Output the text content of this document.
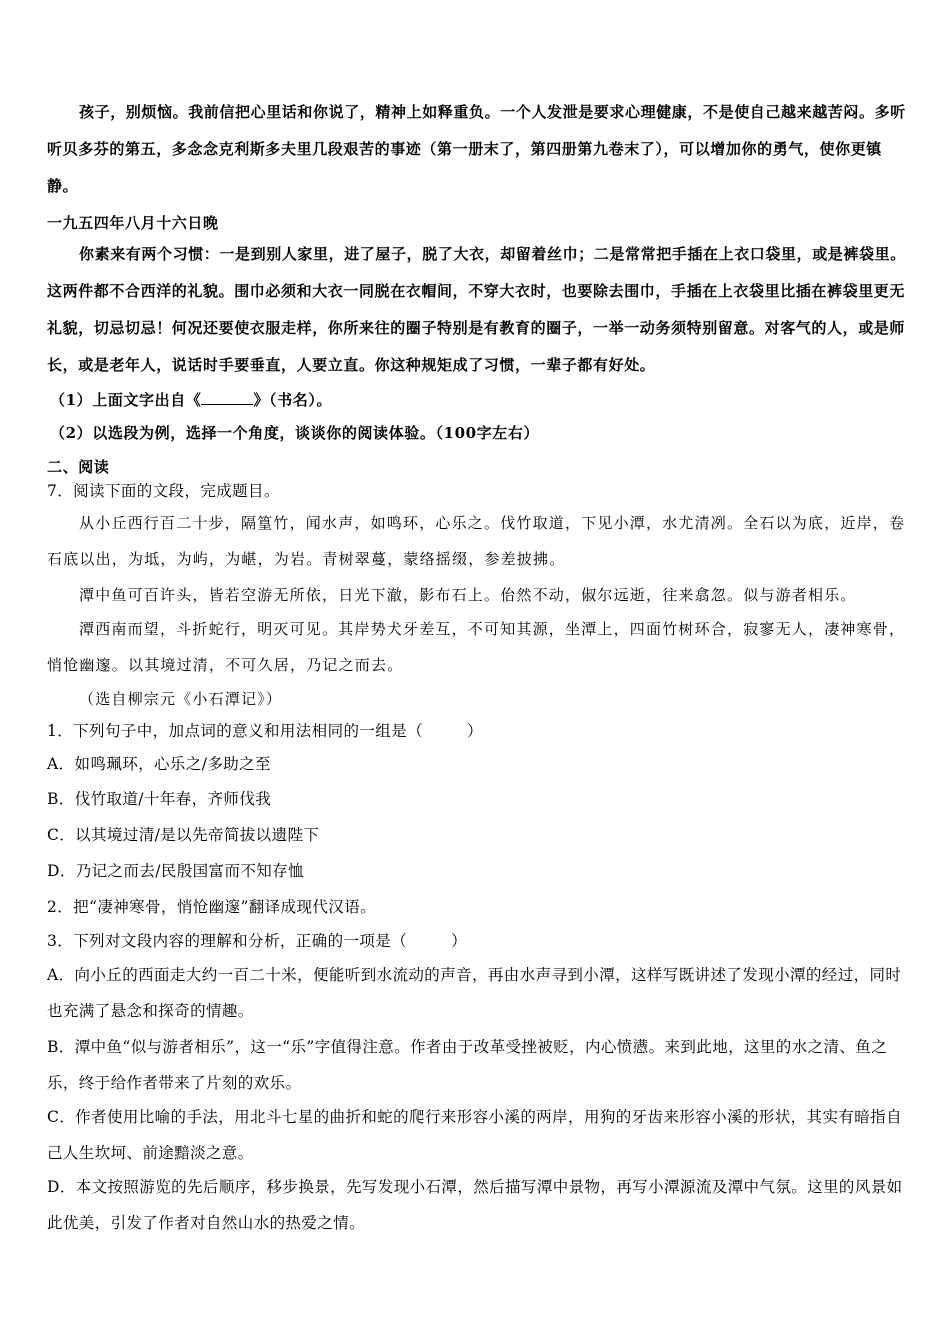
孩子，别烦恼。我前信把心里话和你说了，精神上如释重负。一个人发泄是要求心理健康，不是使自己越来越苦闷。多听听贝多芬的第五，多念念克利斯多夫里几段艰苦的事迹（第一册末了，第四册第九卷末了），可以增加你的勇气，使你更镇静。

一九五四年八月十六日晚

你素来有两个习惯：一是到别人家里，进了屋子，脱了大衣，却留着丝巾；二是常常把手插在上衣口袋里，或是裤袋里。这两件都不合西洋的礼貌。围巾必须和大衣一同脱在衣帽间，不穿大衣时，也要除去围巾，手插在上衣袋里比插在裤袋里更无礼貌，切忌切忌！何况还要使衣服走样，你所来往的圈子特别是有教育的圈子，一举一动务须特别留意。对客气的人，或是师长，或是老年人，说话时手要垂直，人要立直。你这种规矩成了习惯，一辈子都有好处。

（1）上面文字出自《	》（书名）。

（2）以选段为例，选择一个角度，谈谈你的阅读体验。（100字左右）

二、阅读

7．阅读下面的文段，完成题目。

从小丘西行百二十步，隔篁竹，闻水声，如鸣环，心乐之。伐竹取道，下见小潭，水尤清冽。全石以为底，近岸，卷石底以出，为坻，为屿，为嵁，为岩。青树翠蔓，蒙络摇缀，参差披拂。

潭中鱼可百许头，皆若空游无所依，日光下澈，影布石上。佁然不动，俶尔远逝，往来翕忽。似与游者相乐。

潭西南而望，斗折蛇行，明灭可见。其岸势犬牙差互，不可知其源，坐潭上，四面竹树环合，寂寥无人，凄神寒骨，悄怆幽邃。以其境过清，不可久居，乃记之而去。

（选自柳宗元《小石潭记》）

1．下列句子中，加点词的意义和用法相同的一组是（	）

A．如鸣珮环，心乐之/多助之至

B．伐竹取道/十年春，齐师伐我

C．以其境过清/是以先帝简拔以遗陛下

D．乃记之而去/民殷国富而不知存恤

2．把“凄神寒骨，悄怆幽邃”翻译成现代汉语。

3．下列对文段内容的理解和分析，正确的一项是（	）

A．向小丘的西面走大约一百二十米，便能听到水流动的声音，再由水声寻到小潭，这样写既讲述了发现小潭的经过，同时也充满了悬念和探奇的情趣。

B．潭中鱼“似与游者相乐”，这一“乐”字值得注意。作者由于改革受挫被贬，内心愤懑。来到此地，这里的水之清、鱼之乐，终于给作者带来了片刻的欢乐。

C．作者使用比喻的手法，用北斗七星的曲折和蛇的爬行来形容小溪的两岸，用狗的牙齿来形容小溪的形状，其实有暗指自己人生坎坷、前途黯淡之意。

D．本文按照游览的先后顺序，移步换景，先写发现小石潭，然后描写潭中景物，再写小潭源流及潭中气氛。这里的风景如此优美，引发了作者对自然山水的热爱之情。
